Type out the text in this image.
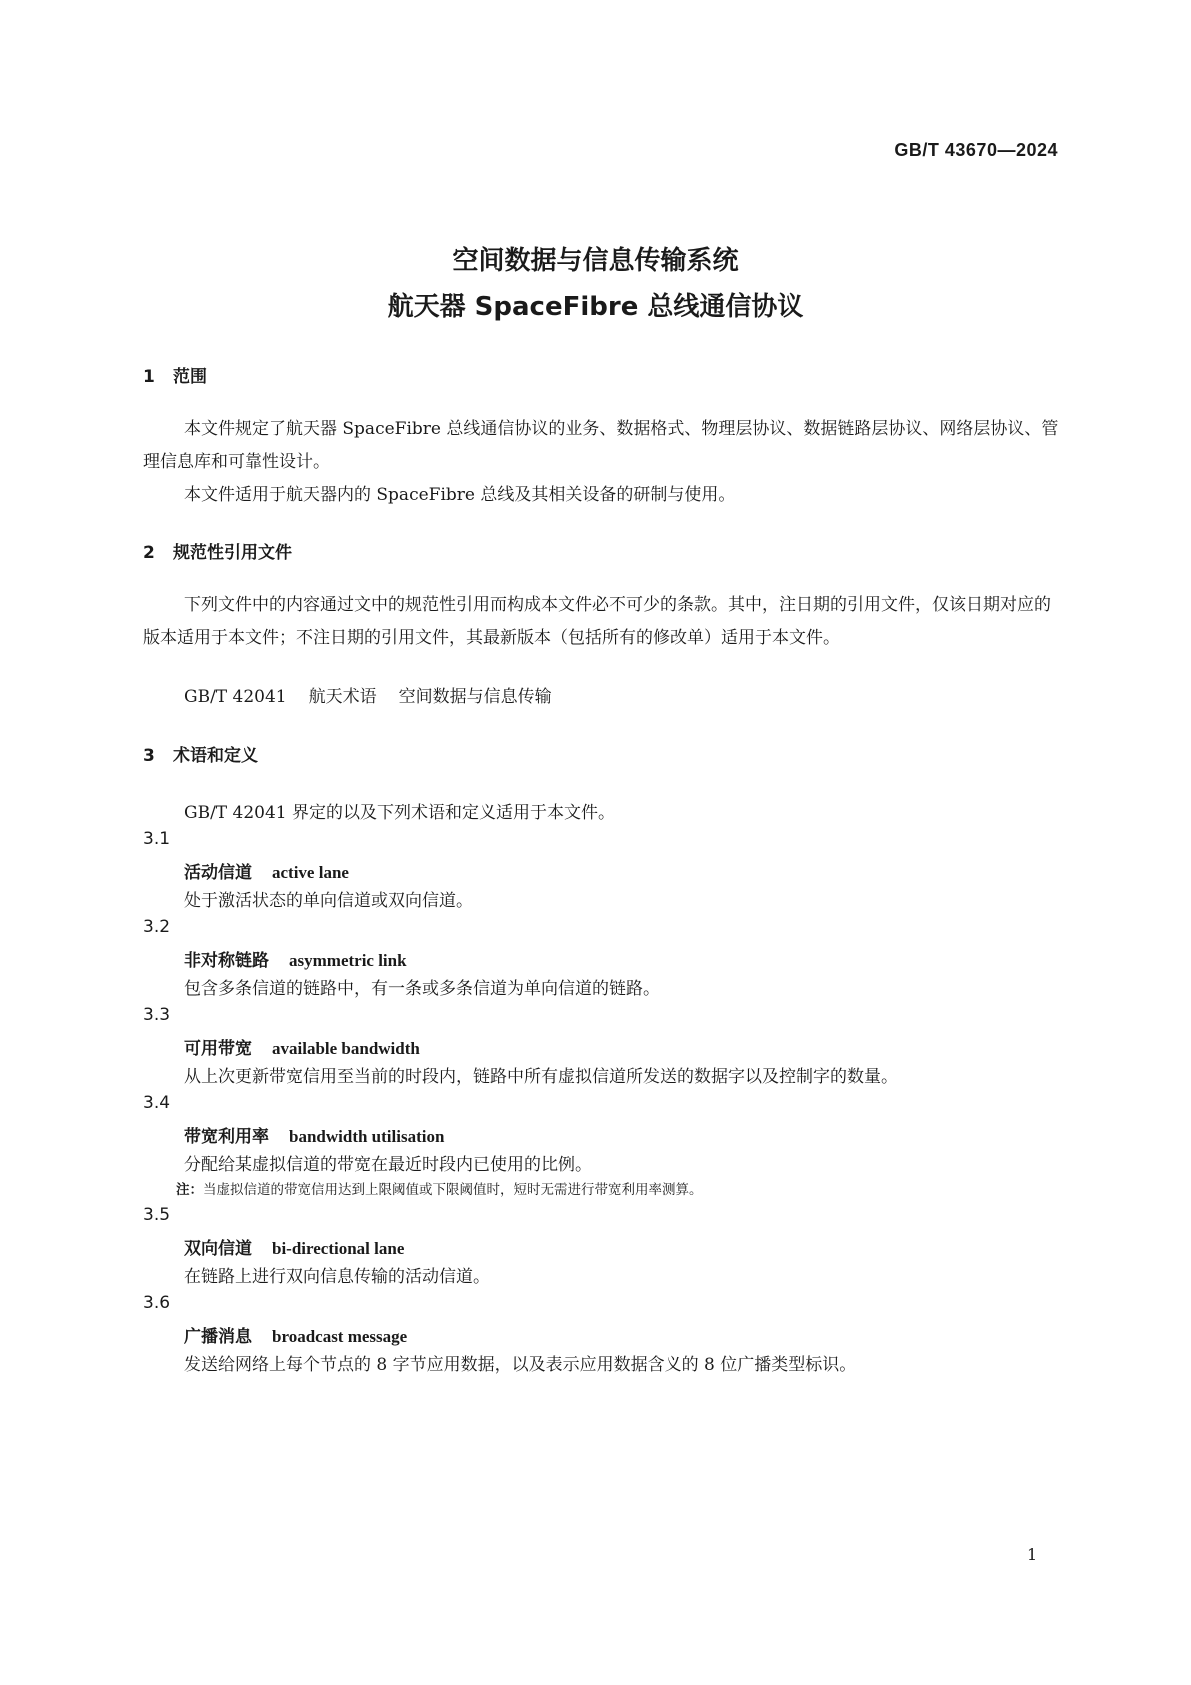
GB/T 43670—2024
空间数据与信息传输系统
航天器 SpaceFibre 总线通信协议
1 范围
本文件规定了航天器 SpaceFibre 总线通信协议的业务、数据格式、物理层协议、数据链路层协议、网络层协议、管理信息库和可靠性设计。
本文件适用于航天器内的 SpaceFibre 总线及其相关设备的研制与使用。
2 规范性引用文件
下列文件中的内容通过文中的规范性引用而构成本文件必不可少的条款。其中，注日期的引用文件，仅该日期对应的版本适用于本文件；不注日期的引用文件，其最新版本（包括所有的修改单）适用于本文件。
GB/T 42041 航天术语 空间数据与信息传输
3 术语和定义
GB/T 42041 界定的以及下列术语和定义适用于本文件。
3.1
活动信道 active lane
处于激活状态的单向信道或双向信道。
3.2
非对称链路 asymmetric link
包含多条信道的链路中，有一条或多条信道为单向信道的链路。
3.3
可用带宽 available bandwidth
从上次更新带宽信用至当前的时段内，链路中所有虚拟信道所发送的数据字以及控制字的数量。
3.4
带宽利用率 bandwidth utilisation
分配给某虚拟信道的带宽在最近时段内已使用的比例。
注：当虚拟信道的带宽信用达到上限阈值或下限阈值时，短时无需进行带宽利用率测算。
3.5
双向信道 bi-directional lane
在链路上进行双向信息传输的活动信道。
3.6
广播消息 broadcast message
发送给网络上每个节点的 8 字节应用数据，以及表示应用数据含义的 8 位广播类型标识。
1
